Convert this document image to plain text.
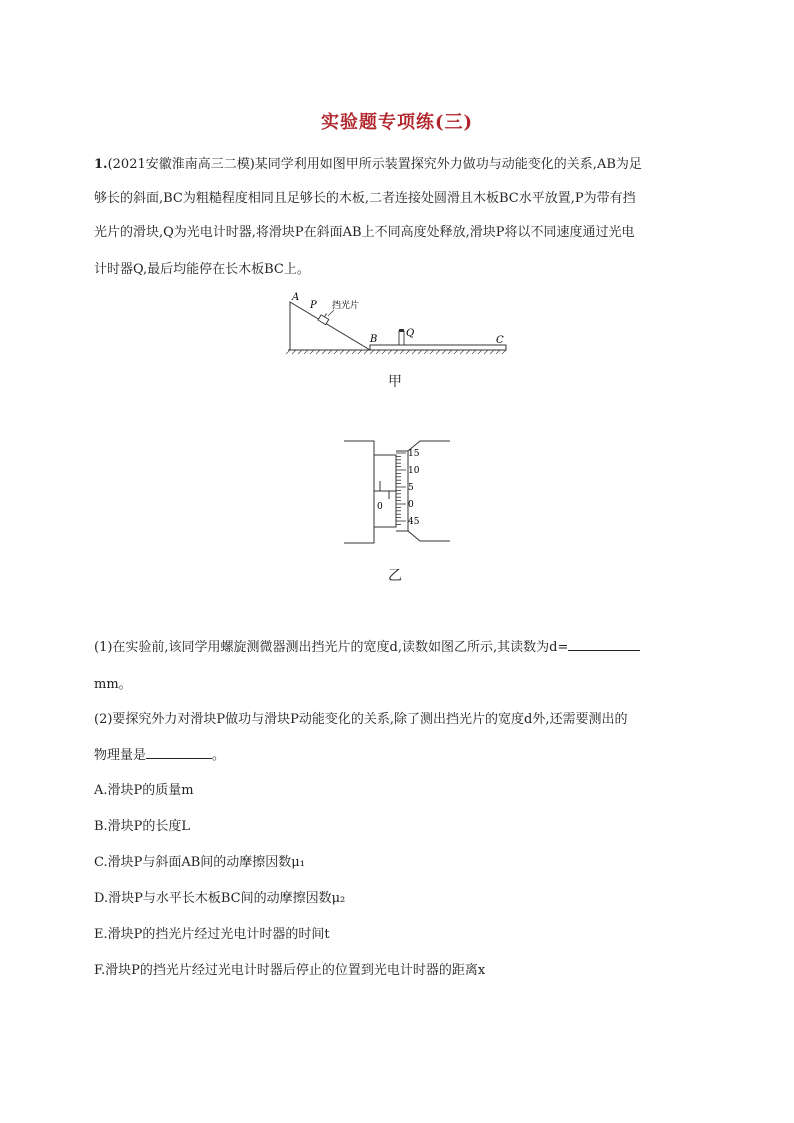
实验题专项练(三)
1.(2021安徽淮南高三二模)某同学利用如图甲所示装置探究外力做功与动能变化的关系,AB为足
够长的斜面,BC为粗糙程度相同且足够长的木板,二者连接处圆滑且木板BC水平放置,P为带有挡
光片的滑块,Q为光电计时器,将滑块P在斜面AB上不同高度处释放,滑块P将以不同速度通过光电
计时器Q,最后均能停在长木板BC上。
A
P 挡光片
B
Q
C
甲
0
15
10
5
0
45
乙
(1)在实验前,该同学用螺旋测微器测出挡光片的宽度d,读数如图乙所示,其读数为d=
mm。
(2)要探究外力对滑块P做功与滑块P动能变化的关系,除了测出挡光片的宽度d外,还需要测出的
物理量是	。
A.滑块P的质量m
B.滑块P的长度L
C.滑块P与斜面AB间的动摩擦因数μ₁
D.滑块P与水平长木板BC间的动摩擦因数μ₂
E.滑块P的挡光片经过光电计时器的时间t
F.滑块P的挡光片经过光电计时器后停止的位置到光电计时器的距离x
